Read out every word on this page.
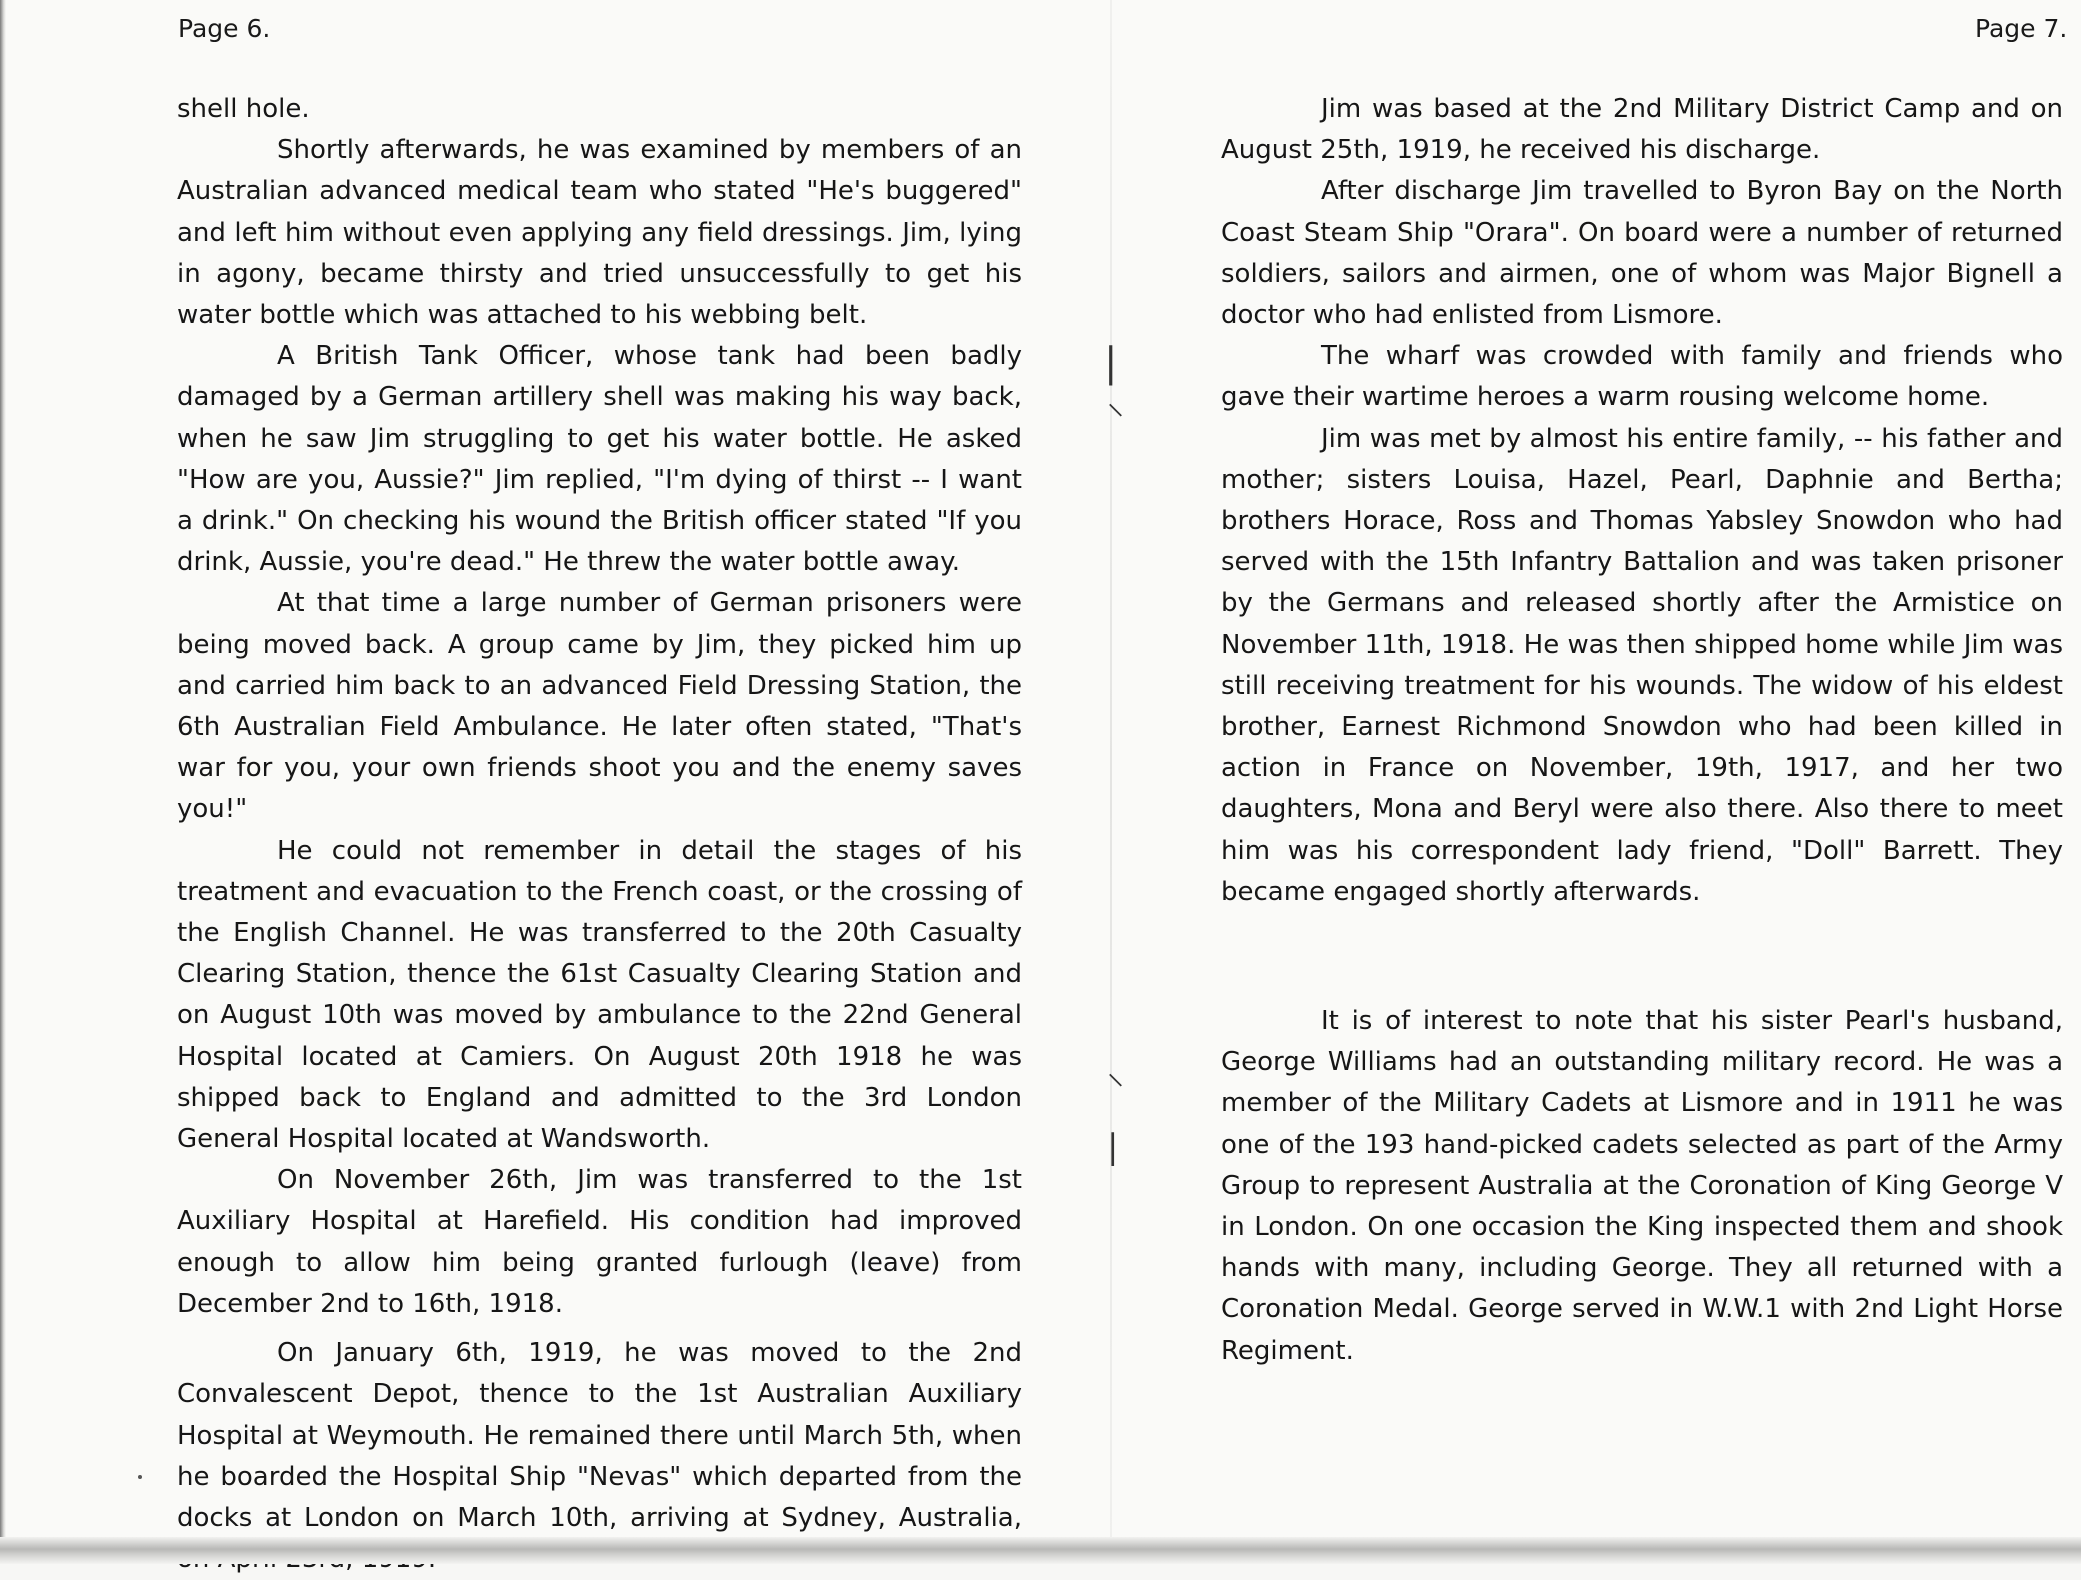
|
⸌
⸌
|
Page 6.

shell hole.

Shortly afterwards, he was examined by members of an Australian advanced medical team who stated "He's buggered" and left him without even applying any field dressings. Jim, lying in agony, became thirsty and tried unsuccessfully to get his water bottle which was attached to his webbing belt.

A British Tank Officer, whose tank had been badly damaged by a German artillery shell was making his way back, when he saw Jim struggling to get his water bottle. He asked "How are you, Aussie?" Jim replied, "I'm dying of thirst -- I want a drink." On checking his wound the British officer stated "If you drink, Aussie, you're dead." He threw the water bottle away.

At that time a large number of German prisoners were being moved back. A group came by Jim, they picked him up and carried him back to an advanced Field Dressing Station, the 6th Australian Field Ambulance. He later often stated, "That's war for you, your own friends shoot you and the enemy saves you!"

He could not remember in detail the stages of his treatment and evacuation to the French coast, or the crossing of the English Channel. He was transferred to the 20th Casualty Clearing Station, thence the 61st Casualty Clearing Station and on August 10th was moved by ambulance to the 22nd General Hospital located at Camiers. On August 20th 1918 he was shipped back to England and admitted to the 3rd London General Hospital located at Wandsworth.

On November 26th, Jim was transferred to the 1st Auxiliary Hospital at Harefield. His condition had improved enough to allow him being granted furlough (leave) from December 2nd to 16th, 1918.

On January 6th, 1919, he was moved to the 2nd Convalescent Depot, thence to the 1st Australian Auxiliary Hospital at Weymouth. He remained there until March 5th, when he boarded the Hospital Ship "Nevas" which departed from the docks at London on March 10th, arriving at Sydney, Australia,

Page 7.

Jim was based at the 2nd Military District Camp and on August 25th, 1919, he received his discharge.

After discharge Jim travelled to Byron Bay on the North Coast Steam Ship "Orara". On board were a number of returned soldiers, sailors and airmen, one of whom was Major Bignell a doctor who had enlisted from Lismore.

The wharf was crowded with family and friends who gave their wartime heroes a warm rousing welcome home.

Jim was met by almost his entire family, -- his father and mother; sisters Louisa, Hazel, Pearl, Daphnie and Bertha; brothers Horace, Ross and Thomas Yabsley Snowdon who had served with the 15th Infantry Battalion and was taken prisoner by the Germans and released shortly after the Armistice on November 11th, 1918. He was then shipped home while Jim was still receiving treatment for his wounds. The widow of his eldest brother, Earnest Richmond Snowdon who had been killed in action in France on November, 19th, 1917, and her two daughters, Mona and Beryl were also there. Also there to meet him was his correspondent lady friend, "Doll" Barrett. They became engaged shortly afterwards.

It is of interest to note that his sister Pearl's husband, George Williams had an outstanding military record. He was a member of the Military Cadets at Lismore and in 1911 he was one of the 193 hand-picked cadets selected as part of the Army Group to represent Australia at the Coronation of King George V in London. On one occasion the King inspected them and shook hands with many, including George. They all returned with a Coronation Medal. George served in W.W.1 with 2nd Light Horse Regiment.
